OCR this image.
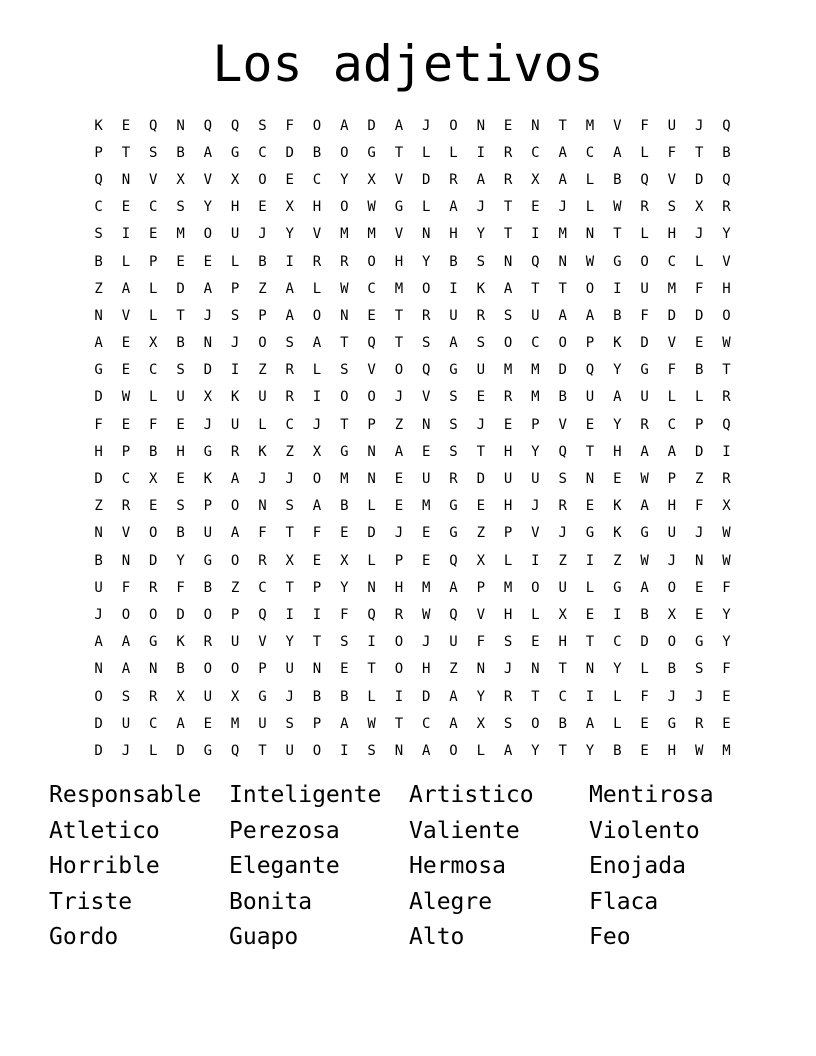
Los adjetivos
K	E	Q	N	Q	Q	S	F	O	A	D	A	J	O	N	E	N	T	M	V	F	U	J	Q
P	T	S	B	A	G	C	D	B	O	G	T	L	L	I	R	C	A	C	A	L	F	T	B
Q	N	V	X	V	X	O	E	C	Y	X	V	D	R	A	R	X	A	L	B	Q	V	D	Q
C	E	C	S	Y	H	E	X	H	O	W	G	L	A	J	T	E	J	L	W	R	S	X	R
S	I	E	M	O	U	J	Y	V	M	M	V	N	H	Y	T	I	M	N	T	L	H	J	Y
B	L	P	E	E	L	B	I	R	R	O	H	Y	B	S	N	Q	N	W	G	O	C	L	V
Z	A	L	D	A	P	Z	A	L	W	C	M	O	I	K	A	T	T	O	I	U	M	F	H
N	V	L	T	J	S	P	A	O	N	E	T	R	U	R	S	U	A	A	B	F	D	D	O
A	E	X	B	N	J	O	S	A	T	Q	T	S	A	S	O	C	O	P	K	D	V	E	W
G	E	C	S	D	I	Z	R	L	S	V	O	Q	G	U	M	M	D	Q	Y	G	F	B	T
D	W	L	U	X	K	U	R	I	O	O	J	V	S	E	R	M	B	U	A	U	L	L	R
F	E	F	E	J	U	L	C	J	T	P	Z	N	S	J	E	P	V	E	Y	R	C	P	Q
H	P	B	H	G	R	K	Z	X	G	N	A	E	S	T	H	Y	Q	T	H	A	A	D	I
D	C	X	E	K	A	J	J	O	M	N	E	U	R	D	U	U	S	N	E	W	P	Z	R
Z	R	E	S	P	O	N	S	A	B	L	E	M	G	E	H	J	R	E	K	A	H	F	X
N	V	O	B	U	A	F	T	F	E	D	J	E	G	Z	P	V	J	G	K	G	U	J	W
B	N	D	Y	G	O	R	X	E	X	L	P	E	Q	X	L	I	Z	I	Z	W	J	N	W
U	F	R	F	B	Z	C	T	P	Y	N	H	M	A	P	M	O	U	L	G	A	O	E	F
J	O	O	D	O	P	Q	I	I	F	Q	R	W	Q	V	H	L	X	E	I	B	X	E	Y
A	A	G	K	R	U	V	Y	T	S	I	O	J	U	F	S	E	H	T	C	D	O	G	Y
N	A	N	B	O	O	P	U	N	E	T	O	H	Z	N	J	N	T	N	Y	L	B	S	F
O	S	R	X	U	X	G	J	B	B	L	I	D	A	Y	R	T	C	I	L	F	J	J	E
D	U	C	A	E	M	U	S	P	A	W	T	C	A	X	S	O	B	A	L	E	G	R	E
D	J	L	D	G	Q	T	U	O	I	S	N	A	O	L	A	Y	T	Y	B	E	H	W	M
Responsable	Inteligente	Artistico	Mentirosa
Atletico	Perezosa	Valiente	Violento
Horrible	Elegante	Hermosa	Enojada
Triste	Bonita	Alegre	Flaca
Gordo	Guapo	Alto	Feo
